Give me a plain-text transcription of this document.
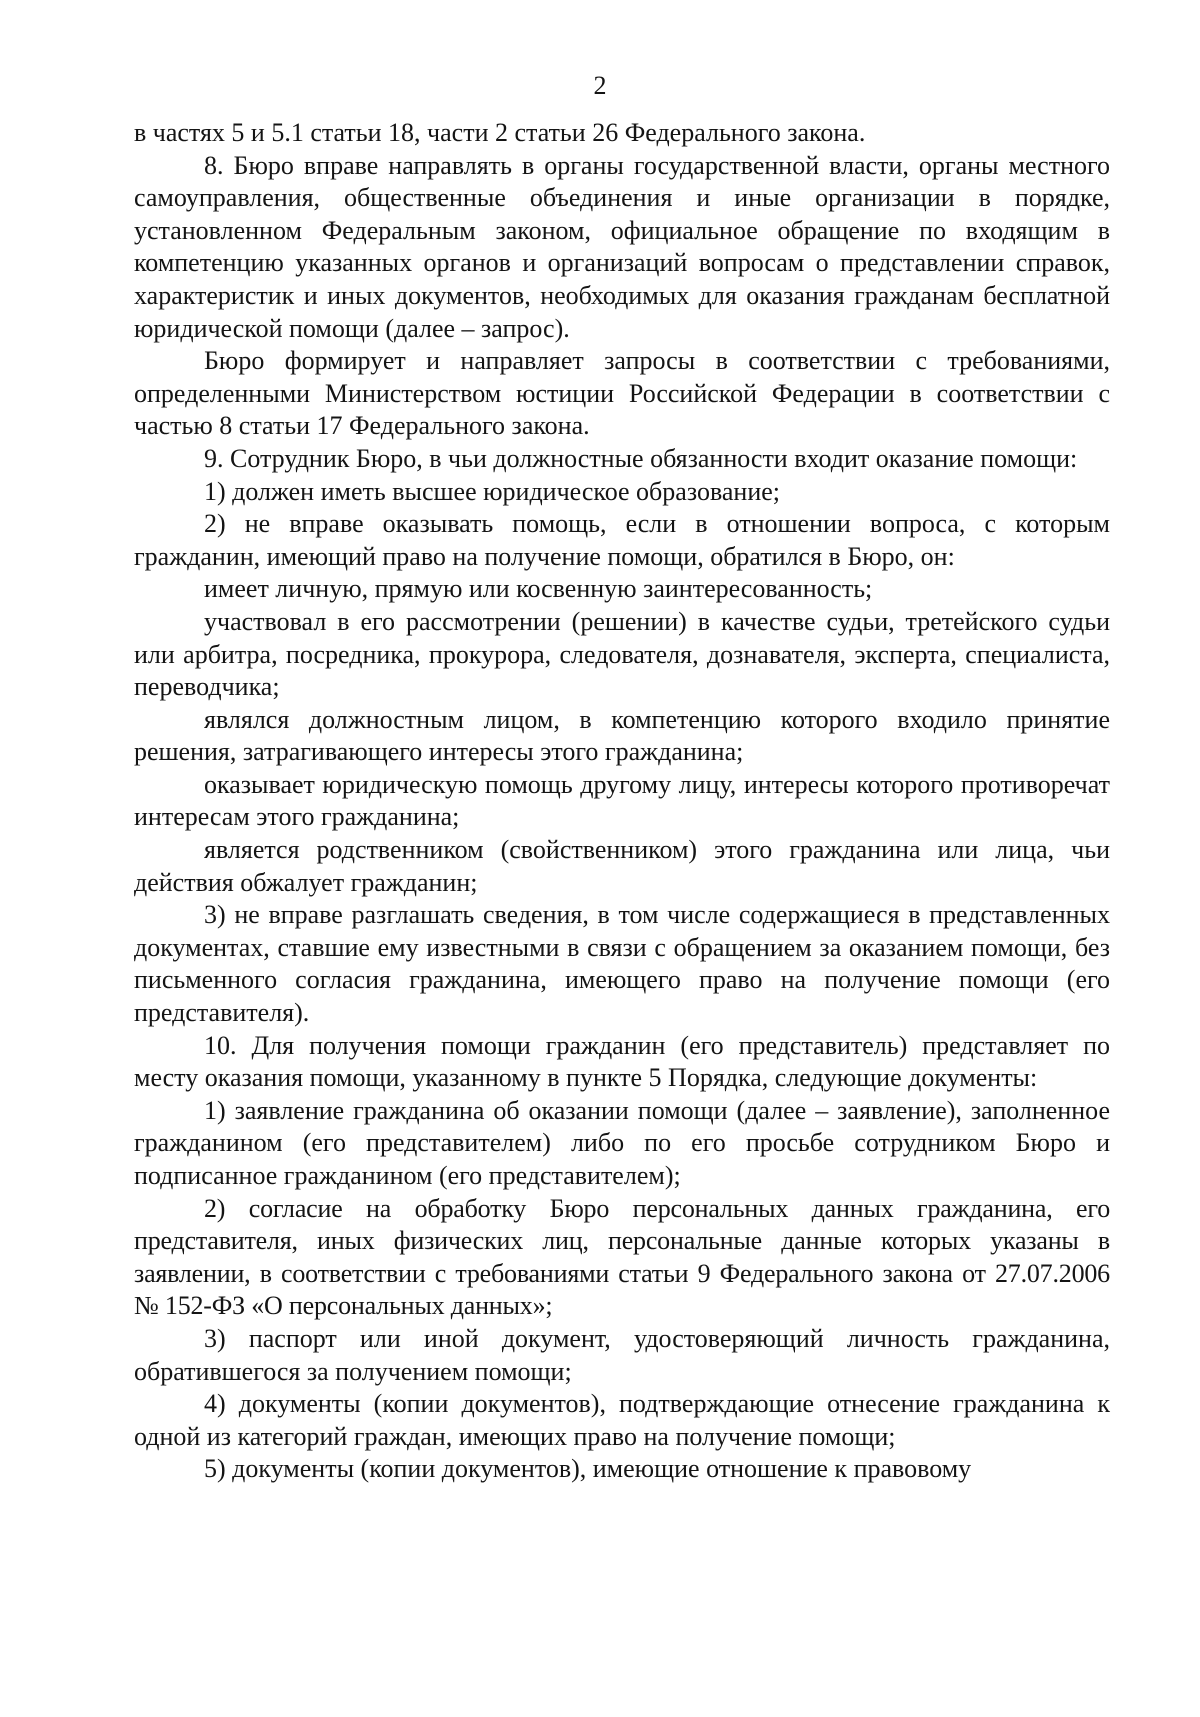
2

в частях 5 и 5.1 статьи 18, части 2 статьи 26 Федерального закона.

8. Бюро вправе направлять в органы государственной власти, органы местного самоуправления, общественные объединения и иные организации в порядке, установленном Федеральным законом, официальное обращение по входящим в компетенцию указанных органов и организаций вопросам о представлении справок, характеристик и иных документов, необходимых для оказания гражданам бесплатной юридической помощи (далее – запрос).

Бюро формирует и направляет запросы в соответствии с требованиями, определенными Министерством юстиции Российской Федерации в соответствии с частью 8 статьи 17 Федерального закона.

9. Сотрудник Бюро, в чьи должностные обязанности входит оказание помощи:

1) должен иметь высшее юридическое образование;

2) не вправе оказывать помощь, если в отношении вопроса, с которым гражданин, имеющий право на получение помощи, обратился в Бюро, он:

имеет личную, прямую или косвенную заинтересованность;

участвовал в его рассмотрении (решении) в качестве судьи, третейского судьи или арбитра, посредника, прокурора, следователя, дознавателя, эксперта, специалиста, переводчика;

являлся должностным лицом, в компетенцию которого входило принятие решения, затрагивающего интересы этого гражданина;

оказывает юридическую помощь другому лицу, интересы которого противоречат интересам этого гражданина;

является родственником (свойственником) этого гражданина или лица, чьи действия обжалует гражданин;

3) не вправе разглашать сведения, в том числе содержащиеся в представленных документах, ставшие ему известными в связи с обращением за оказанием помощи, без письменного согласия гражданина, имеющего право на получение помощи (его представителя).

10. Для получения помощи гражданин (его представитель) представляет по месту оказания помощи, указанному в пункте 5 Порядка, следующие документы:

1) заявление гражданина об оказании помощи (далее – заявление), заполненное гражданином (его представителем) либо по его просьбе сотрудником Бюро и подписанное гражданином (его представителем);

2) согласие на обработку Бюро персональных данных гражданина, его представителя, иных физических лиц, персональные данные которых указаны в заявлении, в соответствии с требованиями статьи 9 Федерального закона от 27.07.2006 № 152-ФЗ «О персональных данных»;

3) паспорт или иной документ, удостоверяющий личность гражданина, обратившегося за получением помощи;

4) документы (копии документов), подтверждающие отнесение гражданина к одной из категорий граждан, имеющих право на получение помощи;

5) документы (копии документов), имеющие отношение к правовому
